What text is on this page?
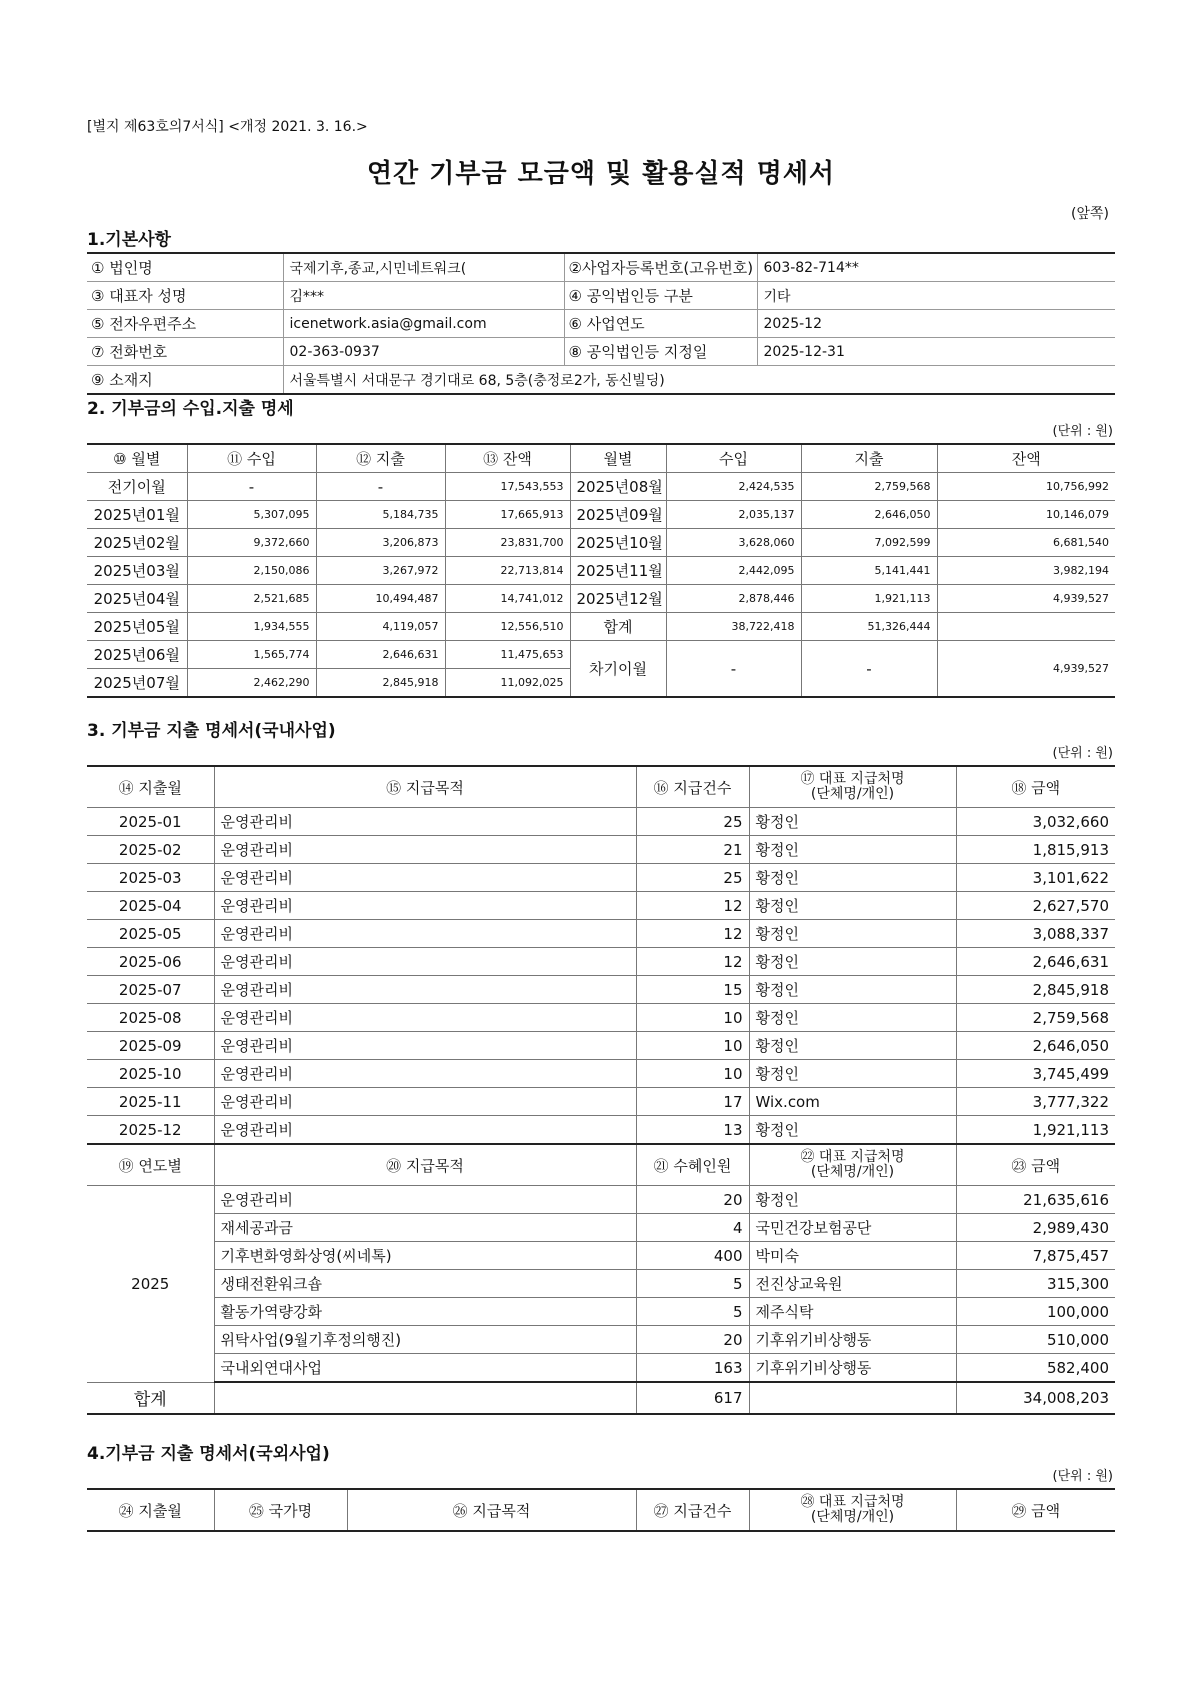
[별지 제63호의7서식] <개정 2021. 3. 16.>
연간 기부금 모금액 및 활용실적 명세서
(앞쪽)
1.기본사항
① 법인명	국제기후,종교,시민네트워크(	②사업자등록번호(고유번호)	603-82-714**
③ 대표자 성명	김***	④ 공익법인등 구분	기타
⑤ 전자우편주소	icenetwork.asia@gmail.com	⑥ 사업연도	2025-12
⑦ 전화번호	02-363-0937	⑧ 공익법인등 지정일	2025-12-31
⑨ 소재지	서울특별시 서대문구 경기대로 68, 5층(충정로2가, 동신빌딩)		
2. 기부금의 수입.지출 명세
(단위 : 원)
⑩ 월별	⑪ 수입	⑫ 지출	⑬ 잔액	월별	수입	지출	잔액
전기이월	-	-	17,543,553	2025년08월	2,424,535	2,759,568	10,756,992
2025년01월	5,307,095	5,184,735	17,665,913	2025년09월	2,035,137	2,646,050	10,146,079
2025년02월	9,372,660	3,206,873	23,831,700	2025년10월	3,628,060	7,092,599	6,681,540
2025년03월	2,150,086	3,267,972	22,713,814	2025년11월	2,442,095	5,141,441	3,982,194
2025년04월	2,521,685	10,494,487	14,741,012	2025년12월	2,878,446	1,921,113	4,939,527
2025년05월	1,934,555	4,119,057	12,556,510	합계	38,722,418	51,326,444	
2025년06월	1,565,774	2,646,631	11,475,653	차기이월	-	-	4,939,527
2025년07월	2,462,290	2,845,918	11,092,025				
3. 기부금 지출 명세서(국내사업)
(단위 : 원)
⑭ 지출월	⑮ 지급목적	⑯ 지급건수	⑰ 대표 지급처명
(단체명/개인)	⑱ 금액
2025-01	운영관리비	25	황정인	3,032,660
2025-02	운영관리비	21	황정인	1,815,913
2025-03	운영관리비	25	황정인	3,101,622
2025-04	운영관리비	12	황정인	2,627,570
2025-05	운영관리비	12	황정인	3,088,337
2025-06	운영관리비	12	황정인	2,646,631
2025-07	운영관리비	15	황정인	2,845,918
2025-08	운영관리비	10	황정인	2,759,568
2025-09	운영관리비	10	황정인	2,646,050
2025-10	운영관리비	10	황정인	3,745,499
2025-11	운영관리비	17	Wix.com	3,777,322
2025-12	운영관리비	13	황정인	1,921,113
⑲ 연도별	⑳ 지급목적	㉑ 수혜인원	㉒ 대표 지급처명
(단체명/개인)	㉓ 금액
2025	운영관리비	20	황정인	21,635,616
	재세공과금	4	국민건강보험공단	2,989,430
	기후변화영화상영(씨네톡)	400	박미숙	7,875,457
	생태전환워크숍	5	전진상교육원	315,300
	활동가역량강화	5	제주식탁	100,000
	위탁사업(9월기후정의행진)	20	기후위기비상행동	510,000
	국내외연대사업	163	기후위기비상행동	582,400
합계		617		34,008,203
4.기부금 지출 명세서(국외사업)
(단위 : 원)
㉔ 지출월	㉕ 국가명	㉖ 지급목적	㉗ 지급건수	㉘ 대표 지급처명
(단체명/개인)	㉙ 금액
